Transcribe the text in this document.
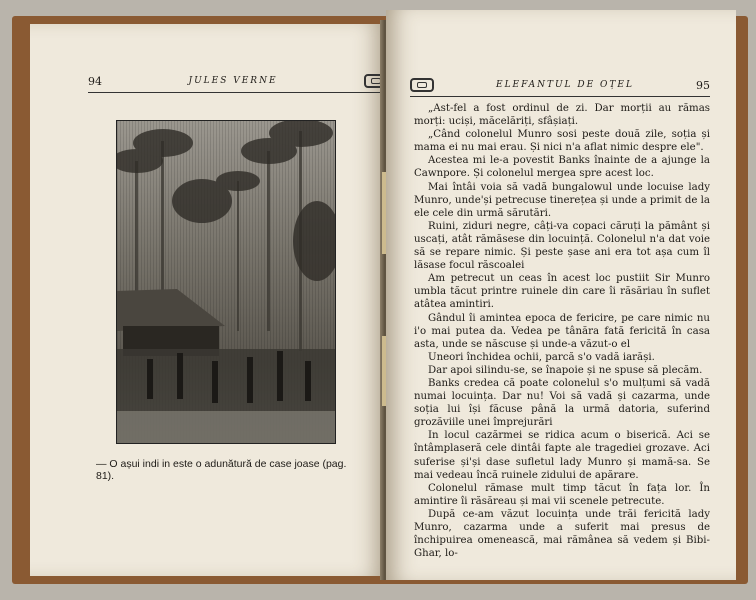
94	JULES VERNE
— O așui indi in este o adunătură de case joase (pag. 81).
ELEFANTUL DE OȚEL	95

„Ast-fel a fost ordinul de zi. Dar morții au rămas morți: uciși, măcelăriți, sfâșiați.

„Când colonelul Munro sosi peste două zile, soția și mama ei nu mai erau. Și nici n'a aflat nimic despre ele".

Acestea mi le-a povestit Banks înainte de a ajunge la Cawnpore. Și colonelul mergea spre acest loc.

Mai întâi voia să vadă bungalowul unde locuise lady Munro, unde'și petrecuse tinerețea și unde a primit de la ele cele din urmă sărutări.

Ruini, ziduri negre, câți-va copaci căruți la pământ și uscați, atât rămăsese din locuință. Colonelul n'a dat voie să se repare nimic. Și peste șase ani era tot așa cum îl lăsase focul răscoalei

Am petrecut un ceas în acest loc pustiit Sir Munro umbla tăcut printre ruinele din care îi răsăriau în suflet atâtea amintiri.

Gândul îi amintea epoca de fericire, pe care nimic nu i'o mai putea da. Vedea pe tânăra fată fericită în casa asta, unde se născuse și unde-a văzut-o el

Uneori închidea ochii, parcă s'o vadă iarăși.

Dar apoi silindu-se, se înapoie și ne spuse să plecăm.

Banks credea că poate colonelul s'o mulțumi să vadă numai locuința. Dar nu! Voi să vadă și cazarma, unde soția lui își făcuse până la urmă datoria, suferind grozăviile unei împrejurări

In locul cazărmei se ridica acum o biserică. Aci se întâmplaseră cele dintâi fapte ale tragediei grozave. Aci suferise și'și dase sufletul lady Munro și mamă-sa. Se mai vedeau încă ruinele zidului de apărare.

Colonelul rămase mult timp tăcut în fața lor. În amintire îi răsăreau și mai vii scenele petrecute.

După ce-am văzut locuința unde trăi fericită lady Munro, cazarma unde a suferit mai presus de închipuirea omenească, mai rămânea să vedem și Bibi-Ghar, lo-
